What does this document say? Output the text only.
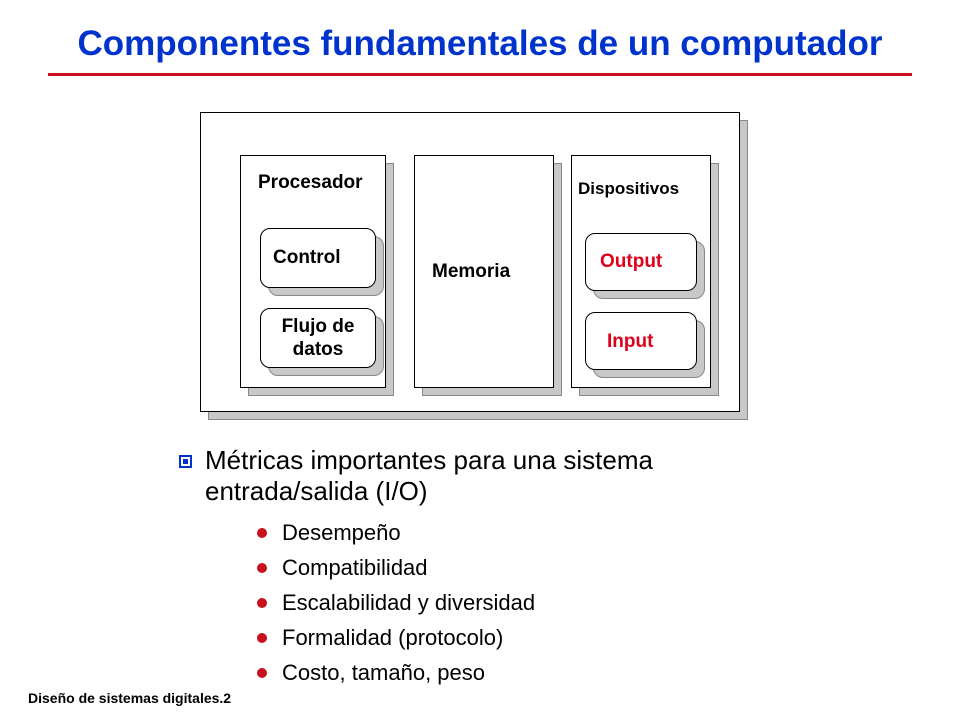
Componentes fundamentales de un computador
Procesador
Control
Flujo de
datos
Memoria
Dispositivos
Output
Input
Métricas importantes para una sistema
entrada/salida (I/O)
Desempeño
Compatibilidad
Escalabilidad y diversidad
Formalidad (protocolo)
Costo, tamaño, peso
Diseño de sistemas digitales.2
